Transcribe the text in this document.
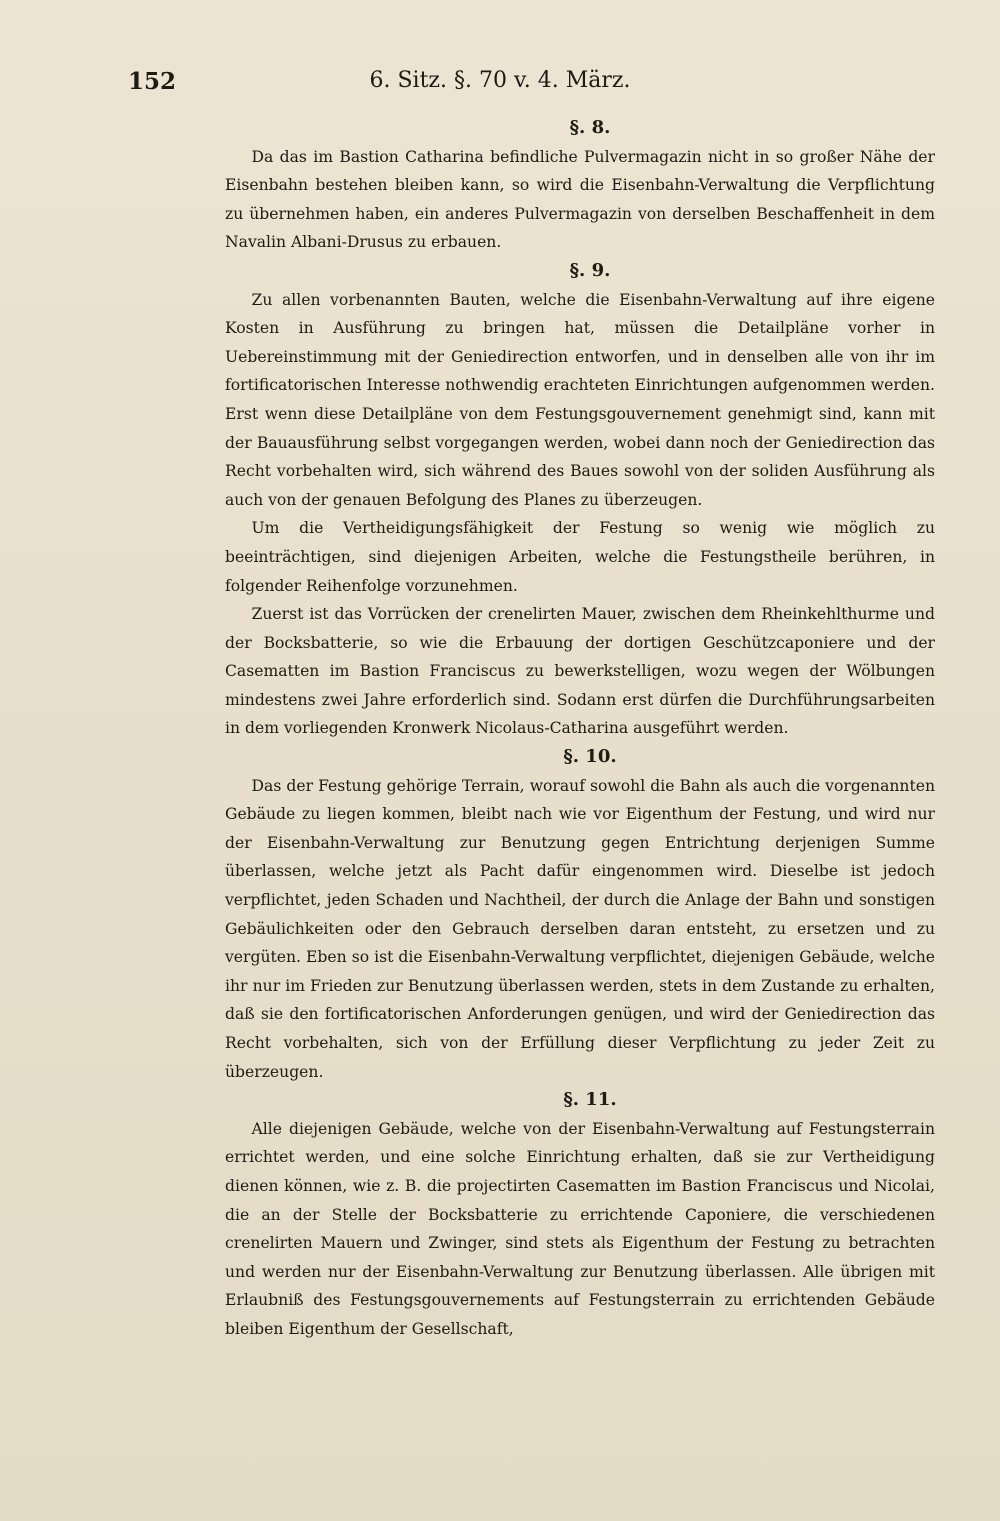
152	6. Sitz. §. 70 v. 4. März.
§. 8.

Da das im Bastion Catharina befindliche Pulvermagazin nicht in so großer Nähe der Eisenbahn bestehen bleiben kann, so wird die Eisenbahn-Verwaltung die Verpflichtung zu übernehmen haben, ein anderes Pulvermagazin von derselben Beschaffenheit in dem Navalin Albani-Drusus zu erbauen.

§. 9.

Zu allen vorbenannten Bauten, welche die Eisenbahn-Verwaltung auf ihre eigene Kosten in Ausführung zu bringen hat, müssen die Detailpläne vorher in Uebereinstimmung mit der Geniedirection entworfen, und in denselben alle von ihr im fortificatorischen Interesse nothwendig erachteten Einrichtungen aufgenommen werden. Erst wenn diese Detailpläne von dem Festungsgouvernement genehmigt sind, kann mit der Bauausführung selbst vorgegangen werden, wobei dann noch der Geniedirection das Recht vorbehalten wird, sich während des Baues sowohl von der soliden Ausführung als auch von der genauen Befolgung des Planes zu überzeugen.

Um die Vertheidigungsfähigkeit der Festung so wenig wie möglich zu beeinträchtigen, sind diejenigen Arbeiten, welche die Festungstheile berühren, in folgender Reihenfolge vorzunehmen.

Zuerst ist das Vorrücken der crenelirten Mauer, zwischen dem Rheinkehlthurme und der Bocksbatterie, so wie die Erbauung der dortigen Geschützcaponiere und der Casematten im Bastion Franciscus zu bewerkstelligen, wozu wegen der Wölbungen mindestens zwei Jahre erforderlich sind. Sodann erst dürfen die Durchführungsarbeiten in dem vorliegenden Kronwerk Nicolaus-Catharina ausgeführt werden.

§. 10.

Das der Festung gehörige Terrain, worauf sowohl die Bahn als auch die vorgenannten Gebäude zu liegen kommen, bleibt nach wie vor Eigenthum der Festung, und wird nur der Eisenbahn-Verwaltung zur Benutzung gegen Entrichtung derjenigen Summe überlassen, welche jetzt als Pacht dafür eingenommen wird. Dieselbe ist jedoch verpflichtet, jeden Schaden und Nachtheil, der durch die Anlage der Bahn und sonstigen Gebäulichkeiten oder den Gebrauch derselben daran entsteht, zu ersetzen und zu vergüten. Eben so ist die Eisenbahn-Verwaltung verpflichtet, diejenigen Gebäude, welche ihr nur im Frieden zur Benutzung überlassen werden, stets in dem Zustande zu erhalten, daß sie den fortificatorischen Anforderungen genügen, und wird der Geniedirection das Recht vorbehalten, sich von der Erfüllung dieser Verpflichtung zu jeder Zeit zu überzeugen.

§. 11.

Alle diejenigen Gebäude, welche von der Eisenbahn-Verwaltung auf Festungsterrain errichtet werden, und eine solche Einrichtung erhalten, daß sie zur Vertheidigung dienen können, wie z. B. die projectirten Casematten im Bastion Franciscus und Nicolai, die an der Stelle der Bocksbatterie zu errichtende Caponiere, die verschiedenen crenelirten Mauern und Zwinger, sind stets als Eigenthum der Festung zu betrachten und werden nur der Eisenbahn-Verwaltung zur Benutzung überlassen. Alle übrigen mit Erlaubniß des Festungsgouvernements auf Festungsterrain zu errichtenden Gebäude bleiben Eigenthum der Gesellschaft,
